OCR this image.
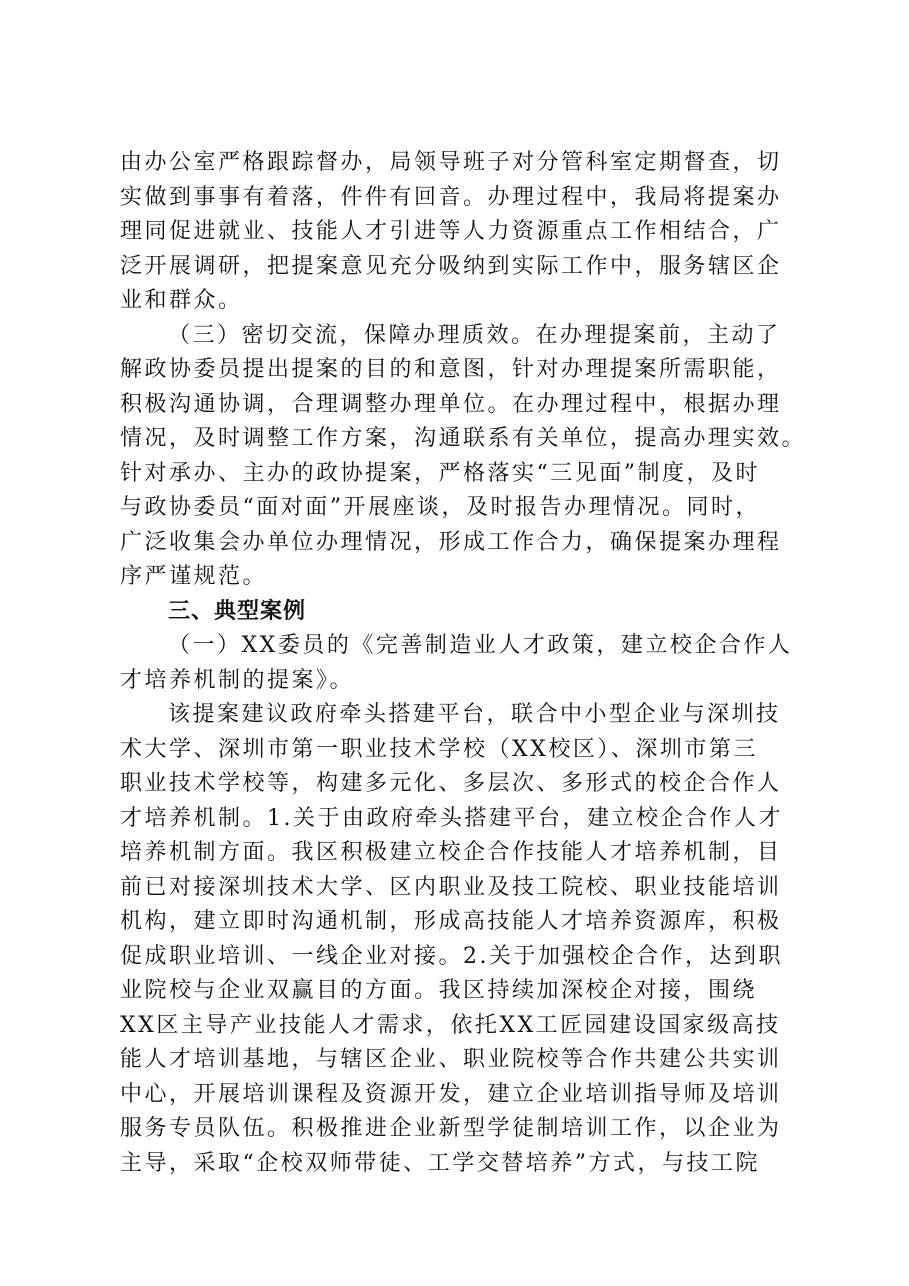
由办公室严格跟踪督办，局领导班子对分管科室定期督查，切
实做到事事有着落，件件有回音。办理过程中，我局将提案办
理同促进就业、技能人才引进等人力资源重点工作相结合，广
泛开展调研，把提案意见充分吸纳到实际工作中，服务辖区企
业和群众。
（三）密切交流，保障办理质效。在办理提案前，主动了
解政协委员提出提案的目的和意图，针对办理提案所需职能，
积极沟通协调，合理调整办理单位。在办理过程中，根据办理
情况，及时调整工作方案，沟通联系有关单位，提高办理实效。
针对承办、主办的政协提案，严格落实“三见面”制度，及时
与政协委员“面对面”开展座谈，及时报告办理情况。同时，
广泛收集会办单位办理情况，形成工作合力，确保提案办理程
序严谨规范。
三、典型案例
（一）XX委员的《完善制造业人才政策，建立校企合作人
才培养机制的提案》。
该提案建议政府牵头搭建平台，联合中小型企业与深圳技
术大学、深圳市第一职业技术学校（XX校区）、深圳市第三
职业技术学校等，构建多元化、多层次、多形式的校企合作人
才培养机制。1.关于由政府牵头搭建平台，建立校企合作人才
培养机制方面。我区积极建立校企合作技能人才培养机制，目
前已对接深圳技术大学、区内职业及技工院校、职业技能培训
机构，建立即时沟通机制，形成高技能人才培养资源库，积极
促成职业培训、一线企业对接。2.关于加强校企合作，达到职
业院校与企业双赢目的方面。我区持续加深校企对接，围绕
XX区主导产业技能人才需求，依托XX工匠园建设国家级高技
能人才培训基地，与辖区企业、职业院校等合作共建公共实训
中心，开展培训课程及资源开发，建立企业培训指导师及培训
服务专员队伍。积极推进企业新型学徒制培训工作，以企业为
主导，采取“企校双师带徒、工学交替培养”方式，与技工院
